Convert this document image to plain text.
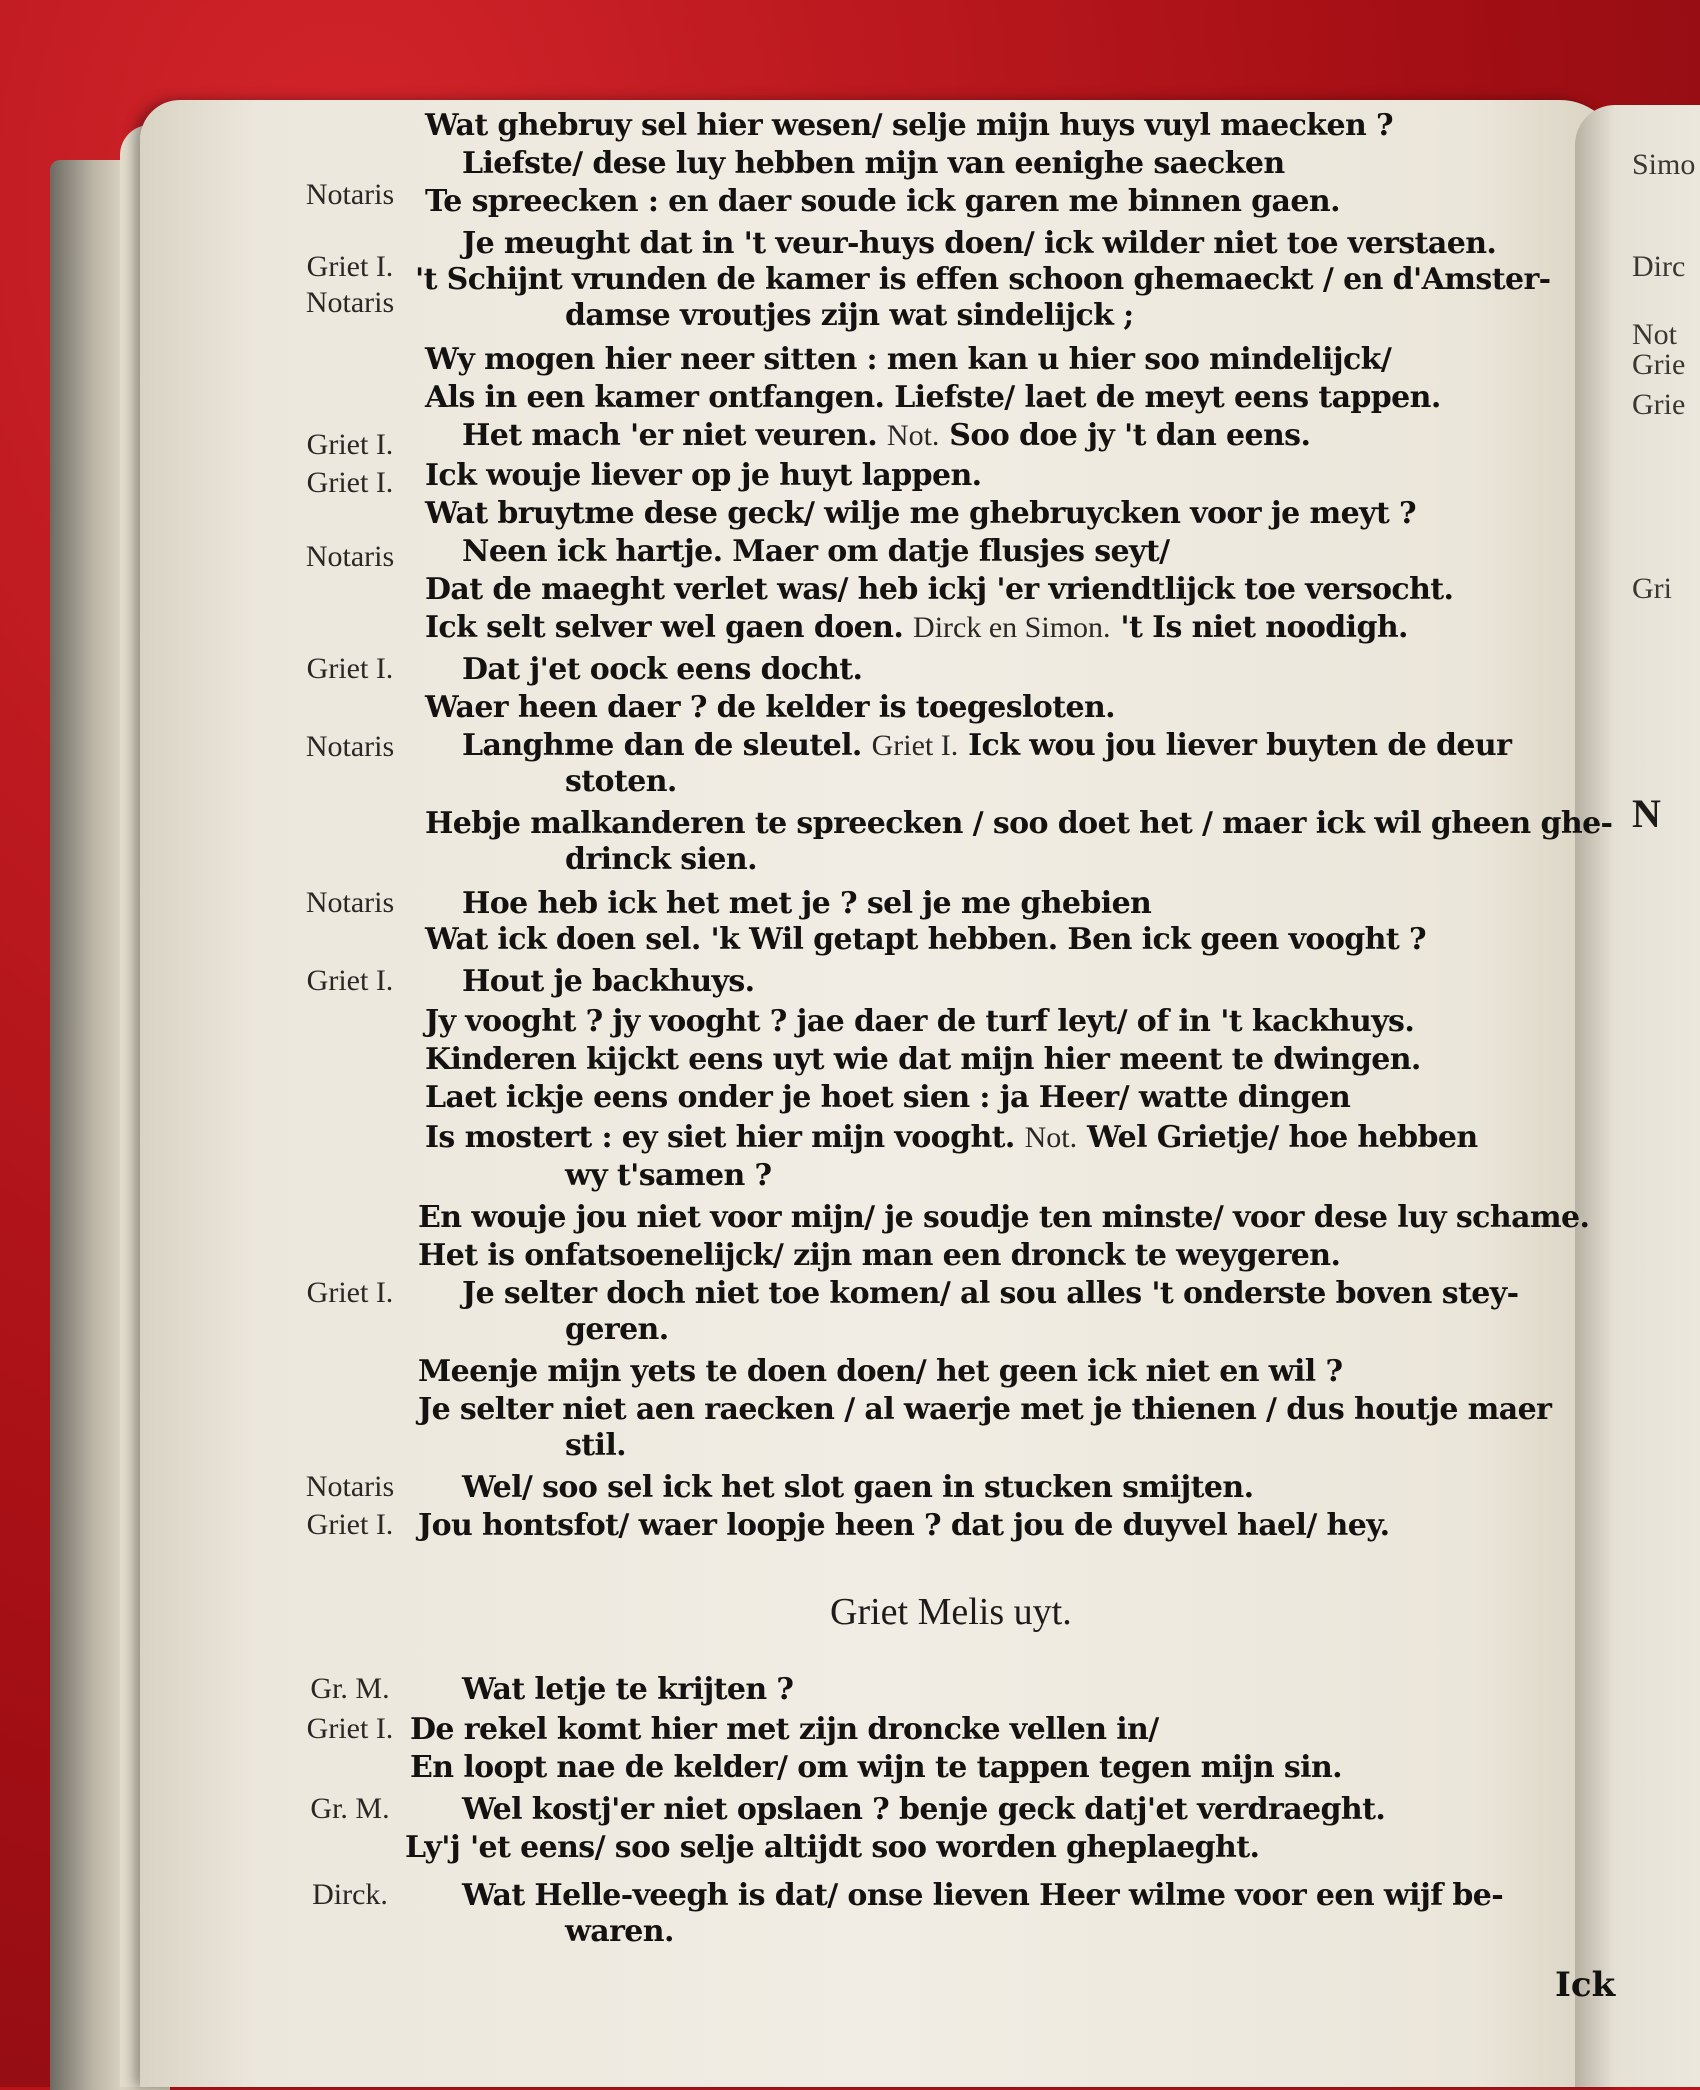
Simo
Dirc
Not
Grie
Grie
Gri
N
Notaris
Griet I.
Notaris
Griet I.
Griet I.
Notaris
Griet I.
Notaris
Notaris
Griet I.
Griet I.
Notaris
Griet I.
Gr. M.
Griet I.
Gr. M.
Dirck.
Wat ghebruy sel hier wesen/ selje mijn huys vuyl maecken ?
Liefste/ dese luy hebben mijn van eenighe saecken
Te spreecken : en daer soude ick garen me binnen gaen.
Je meught dat in 't veur-huys doen/ ick wilder niet toe verstaen.
't Schijnt vrunden de kamer is effen schoon ghemaeckt / en d'Amster-
damse vroutjes zijn wat sindelijck ;
Wy mogen hier neer sitten : men kan u hier soo mindelijck/
Als in een kamer ontfangen. Liefste/ laet de meyt eens tappen.
Het mach 'er niet veuren. Not. Soo doe jy 't dan eens.
Ick wouje liever op je huyt lappen.
Wat bruytme dese geck/ wilje me ghebruycken voor je meyt ?
Neen ick hartje. Maer om datje flusjes seyt/
Dat de maeght verlet was/ heb ickj 'er vriendtlijck toe versocht.
Ick selt selver wel gaen doen. Dirck en Simon. 't Is niet noodigh.
Dat j'et oock eens docht.
Waer heen daer ? de kelder is toegesloten.
Langhme dan de sleutel. Griet I. Ick wou jou liever buyten de deur
stoten.
Hebje malkanderen te spreecken / soo doet het / maer ick wil gheen ghe-
drinck sien.
Hoe heb ick het met je ? sel je me ghebien
Wat ick doen sel. 'k Wil getapt hebben. Ben ick geen vooght ?
Hout je backhuys.
Jy vooght ? jy vooght ? jae daer de turf leyt/ of in 't kackhuys.
Kinderen kijckt eens uyt wie dat mijn hier meent te dwingen.
Laet ickje eens onder je hoet sien : ja Heer/ watte dingen
Is mostert : ey siet hier mijn vooght. Not. Wel Grietje/ hoe hebben
wy t'samen ?
En wouje jou niet voor mijn/ je soudje ten minste/ voor dese luy schame.
Het is onfatsoenelijck/ zijn man een dronck te weygeren.
Je selter doch niet toe komen/ al sou alles 't onderste boven stey-
geren.
Meenje mijn yets te doen doen/ het geen ick niet en wil ?
Je selter niet aen raecken / al waerje met je thienen / dus houtje maer
stil.
Wel/ soo sel ick het slot gaen in stucken smijten.
Jou hontsfot/ waer loopje heen ? dat jou de duyvel hael/ hey.
Wat letje te krijten ?
De rekel komt hier met zijn droncke vellen in/
En loopt nae de kelder/ om wijn te tappen tegen mijn sin.
Wel kostj'er niet opslaen ? benje geck datj'et verdraeght.
Ly'j 'et eens/ soo selje altijdt soo worden gheplaeght.
Wat Helle-veegh is dat/ onse lieven Heer wilme voor een wijf be-
waren.
Griet Melis uyt.
Ick
